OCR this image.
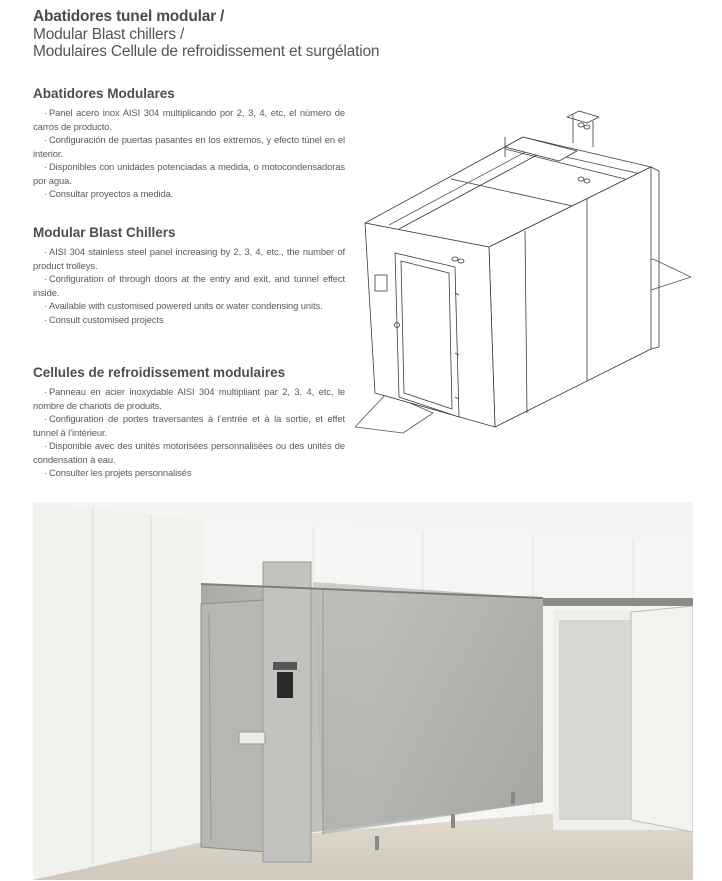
Abatidores tunel modular /
Modular Blast chillers /
Modulaires Cellule de refroidissement et surgélation
Abatidores Modulares

· Panel acero inox AISI 304 multiplicando por 2, 3, 4, etc, el número de carros de producto.

· Configuración de puertas pasantes en los extremos, y efecto túnel en el interior.

· Disponibles con unidades potenciadas a medida, o motocondensadoras por agua.

· Consultar proyectos a medida.

Modular Blast Chillers

· AISI 304 stainless steel panel increasing by 2, 3, 4, etc., the number of product trolleys.

· Configuration of through doors at the entry and exit, and tunnel effect inside.

· Available with customised powered units or water condensing units.

· Consult customised projects

Cellules de refroidissement modulaires

· Panneau en acier inoxydable AISI 304 multipliant par 2, 3, 4, etc, le nombre de chariots de produits.

· Configuration de portes traversantes à l’entrée et à la sortie, et effet tunnel à l’intérieur.

· Disponible avec des unités motorisées personnalisées ou des unités de condensation à eau.

· Consulter les projets personnalisés
